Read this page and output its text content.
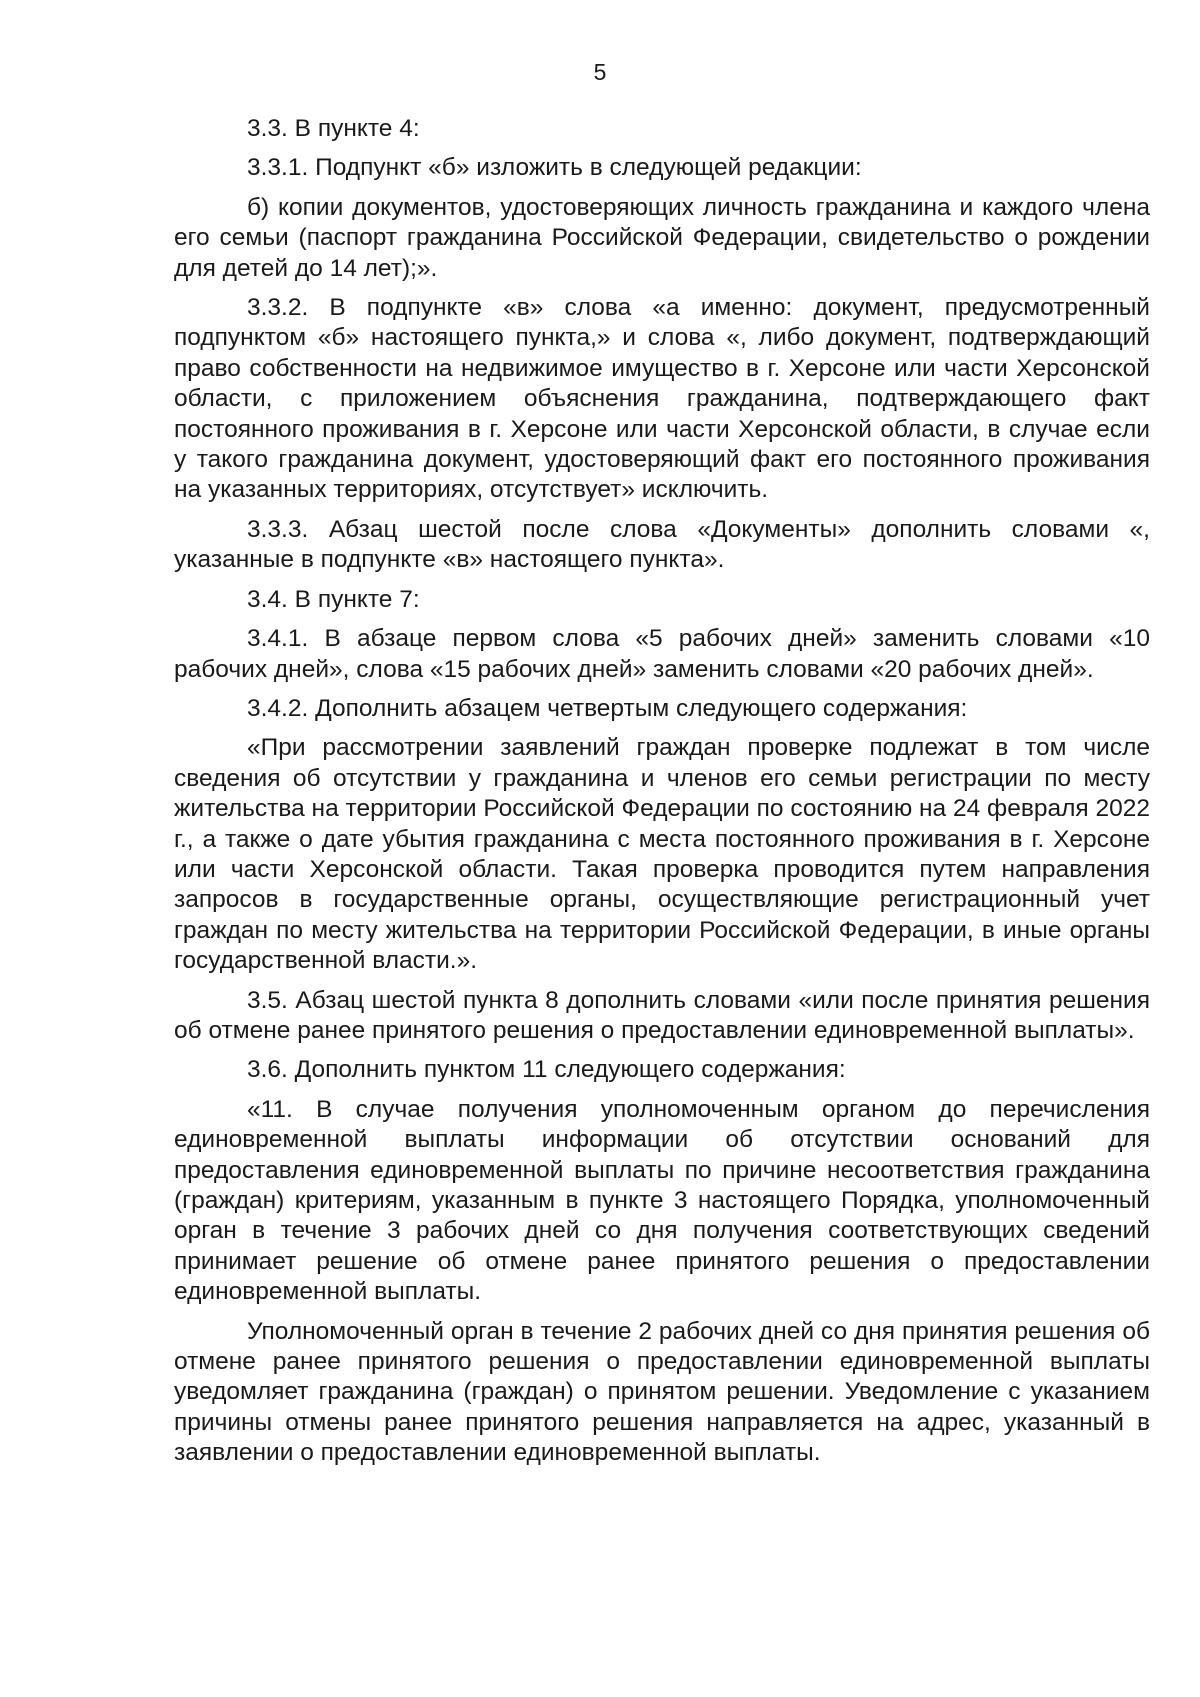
5

3.3. В пункте 4:

3.3.1. Подпункт «б» изложить в следующей редакции:

б) копии документов, удостоверяющих личность гражданина и каждого члена его семьи (паспорт гражданина Российской Федерации, свидетельство о рождении для детей до 14 лет);».

3.3.2. В подпункте «в» слова «а именно: документ, предусмотренный подпунктом «б» настоящего пункта,» и слова «, либо документ, подтверждающий право собственности на недвижимое имущество в г. Херсоне или части Херсонской области, с приложением объяснения гражданина, подтверждающего факт постоянного проживания в г. Херсоне или части Херсонской области, в случае если у такого гражданина документ, удостоверяющий факт его постоянного проживания на указанных территориях, отсутствует» исключить.

3.3.3. Абзац шестой после слова «Документы» дополнить словами «, указанные в подпункте «в» настоящего пункта».

3.4. В пункте 7:

3.4.1. В абзаце первом слова «5 рабочих дней» заменить словами «10 рабочих дней», слова «15 рабочих дней» заменить словами «20 рабочих дней».

3.4.2. Дополнить абзацем четвертым следующего содержания:

«При рассмотрении заявлений граждан проверке подлежат в том числе сведения об отсутствии у гражданина и членов его семьи регистрации по месту жительства на территории Российской Федерации по состоянию на 24 февраля 2022 г., а также о дате убытия гражданина с места постоянного проживания в г. Херсоне или части Херсонской области. Такая проверка проводится путем направления запросов в государственные органы, осуществляющие регистрационный учет граждан по месту жительства на территории Российской Федерации, в иные органы государственной власти.».

3.5. Абзац шестой пункта 8 дополнить словами «или после принятия решения об отмене ранее принятого решения о предоставлении единовременной выплаты».

3.6. Дополнить пунктом 11 следующего содержания:

«11. В случае получения уполномоченным органом до перечисления единовременной выплаты информации об отсутствии оснований для предоставления единовременной выплаты по причине несоответствия гражданина (граждан) критериям, указанным в пункте 3 настоящего Порядка, уполномоченный орган в течение 3 рабочих дней со дня получения соответствующих сведений принимает решение об отмене ранее принятого решения о предоставлении единовременной выплаты.

Уполномоченный орган в течение 2 рабочих дней со дня принятия решения об отмене ранее принятого решения о предоставлении единовременной выплаты уведомляет гражданина (граждан) о принятом решении. Уведомление с указанием причины отмены ранее принятого решения направляется на адрес, указанный в заявлении о предоставлении единовременной выплаты.
